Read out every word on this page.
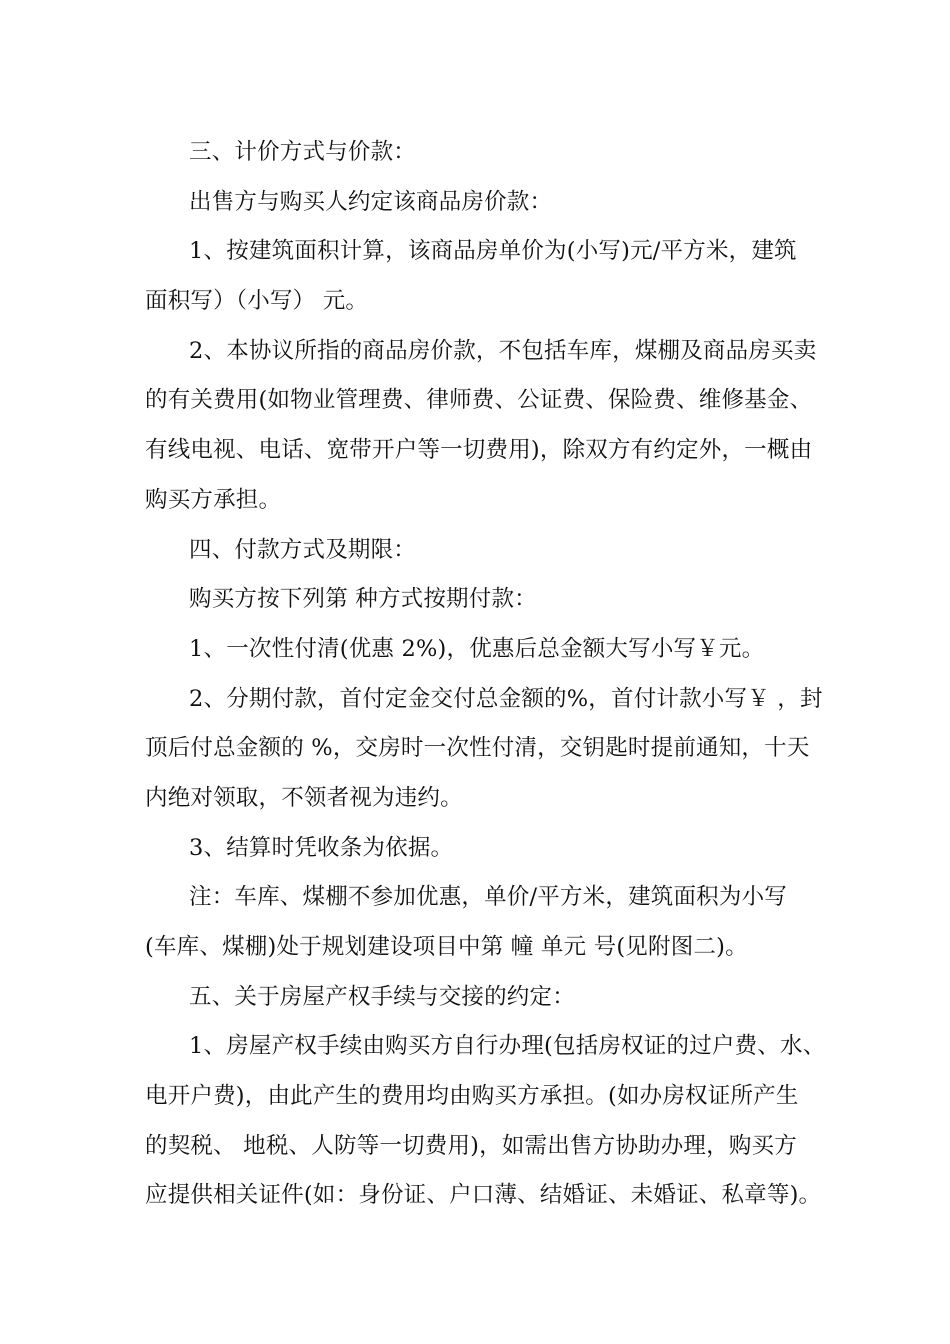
三、计价方式与价款：
出售方与购买人约定该商品房价款：
1、按建筑面积计算，该商品房单价为(小写)元/平方米，建筑
面积写）（小写） 元。
2、本协议所指的商品房价款，不包括车库，煤棚及商品房买卖
的有关费用(如物业管理费、律师费、公证费、保险费、维修基金、
有线电视、电话、宽带开户等一切费用)，除双方有约定外，一概由
购买方承担。
四、付款方式及期限：
购买方按下列第 种方式按期付款：
1、一次性付清(优惠 2%)，优惠后总金额大写小写￥元。
2、分期付款，首付定金交付总金额的%，首付计款小写￥ ，封
顶后付总金额的 %，交房时一次性付清，交钥匙时提前通知，十天
内绝对领取，不领者视为违约。
3、结算时凭收条为依据。
注：车库、煤棚不参加优惠，单价/平方米，建筑面积为小写
(车库、煤棚)处于规划建设项目中第 幢 单元 号(见附图二)。
五、关于房屋产权手续与交接的约定：
1、房屋产权手续由购买方自行办理(包括房权证的过户费、水、
电开户费)，由此产生的费用均由购买方承担。(如办房权证所产生
的契税、 地税、人防等一切费用)，如需出售方协助办理，购买方
应提供相关证件(如：身份证、户口薄、结婚证、未婚证、私章等)。
